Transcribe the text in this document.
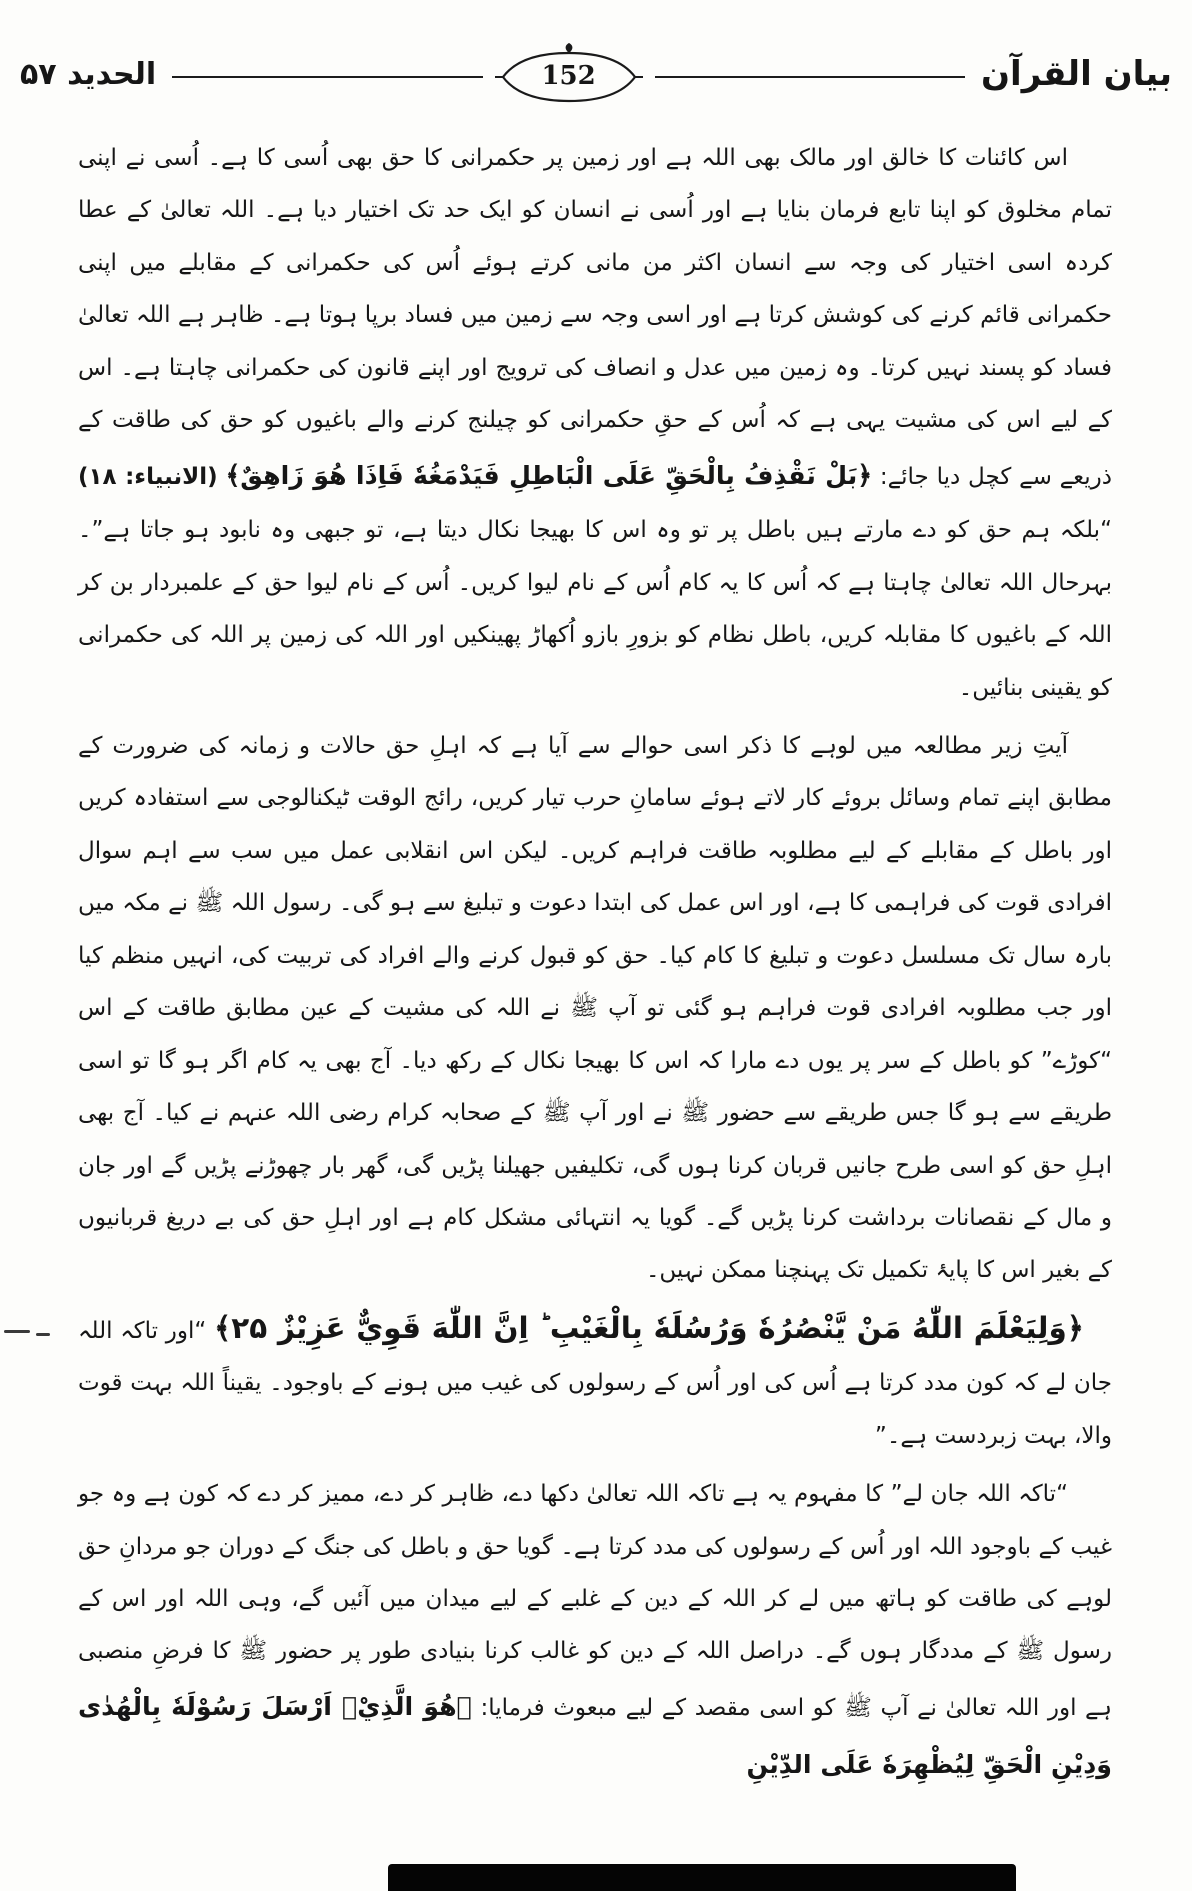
بیان القرآن
152
الحدید ۵۷

اس کائنات کا خالق اور مالک بھی اللہ ہے اور زمین پر حکمرانی کا حق بھی اُسی کا ہے۔ اُسی نے اپنی تمام مخلوق کو اپنا تابع فرمان بنایا ہے اور اُسی نے انسان کو ایک حد تک اختیار دیا ہے۔ اللہ تعالیٰ کے عطا کردہ اسی اختیار کی وجہ سے انسان اکثر من مانی کرتے ہوئے اُس کی حکمرانی کے مقابلے میں اپنی حکمرانی قائم کرنے کی کوشش کرتا ہے اور اسی وجہ سے زمین میں فساد برپا ہوتا ہے۔ ظاہر ہے اللہ تعالیٰ فساد کو پسند نہیں کرتا۔ وہ زمین میں عدل و انصاف کی ترویج اور اپنے قانون کی حکمرانی چاہتا ہے۔ اس کے لیے اس کی مشیت یہی ہے کہ اُس کے حقِ حکمرانی کو چیلنج کرنے والے باغیوں کو حق کی طاقت کے ذریعے سے کچل دیا جائے: ﴿بَلْ نَقْذِفُ بِالْحَقِّ عَلَى الْبَاطِلِ فَيَدْمَغُهٗ فَاِذَا هُوَ زَاهِقٌ﴾ (الانبیاء: ۱۸) “بلکہ ہم حق کو دے مارتے ہیں باطل پر تو وہ اس کا بھیجا نکال دیتا ہے، تو جبھی وہ نابود ہو جاتا ہے”۔ بہرحال اللہ تعالیٰ چاہتا ہے کہ اُس کا یہ کام اُس کے نام لیوا کریں۔ اُس کے نام لیوا حق کے علمبردار بن کر اللہ کے باغیوں کا مقابلہ کریں، باطل نظام کو بزورِ بازو اُکھاڑ پھینکیں اور اللہ کی زمین پر اللہ کی حکمرانی کو یقینی بنائیں۔

آیتِ زیر مطالعہ میں لوہے کا ذکر اسی حوالے سے آیا ہے کہ اہلِ حق حالات و زمانہ کی ضرورت کے مطابق اپنے تمام وسائل بروئے کار لاتے ہوئے سامانِ حرب تیار کریں، رائج الوقت ٹیکنالوجی سے استفادہ کریں اور باطل کے مقابلے کے لیے مطلوبہ طاقت فراہم کریں۔ لیکن اس انقلابی عمل میں سب سے اہم سوال افرادی قوت کی فراہمی کا ہے، اور اس عمل کی ابتدا دعوت و تبلیغ سے ہو گی۔ رسول اللہ ﷺ نے مکہ میں بارہ سال تک مسلسل دعوت و تبلیغ کا کام کیا۔ حق کو قبول کرنے والے افراد کی تربیت کی، انہیں منظم کیا اور جب مطلوبہ افرادی قوت فراہم ہو گئی تو آپ ﷺ نے اللہ کی مشیت کے عین مطابق طاقت کے اس “کوڑے” کو باطل کے سر پر یوں دے مارا کہ اس کا بھیجا نکال کے رکھ دیا۔ آج بھی یہ کام اگر ہو گا تو اسی طریقے سے ہو گا جس طریقے سے حضور ﷺ نے اور آپ ﷺ کے صحابہ کرام رضی اللہ عنہم نے کیا۔ آج بھی اہلِ حق کو اسی طرح جانیں قربان کرنا ہوں گی، تکلیفیں جھیلنا پڑیں گی، گھر بار چھوڑنے پڑیں گے اور جان و مال کے نقصانات برداشت کرنا پڑیں گے۔ گویا یہ انتہائی مشکل کام ہے اور اہلِ حق کی بے دریغ قربانیوں کے بغیر اس کا پایۂ تکمیل تک پہنچنا ممکن نہیں۔

﴿وَلِيَعْلَمَ اللّٰهُ مَنْ يَّنْصُرُهٗ وَرُسُلَهٗ بِالْغَيْبِ ؕ اِنَّ اللّٰهَ قَوِيٌّ عَزِيْزٌ ۲۵﴾ “اور تاکہ اللہ جان لے کہ کون مدد کرتا ہے اُس کی اور اُس کے رسولوں کی غیب میں ہونے کے باوجود۔ یقیناً اللہ بہت قوت والا، بہت زبردست ہے۔”

“تاکہ اللہ جان لے” کا مفہوم یہ ہے تاکہ اللہ تعالیٰ دکھا دے، ظاہر کر دے، ممیز کر دے کہ کون ہے وہ جو غیب کے باوجود اللہ اور اُس کے رسولوں کی مدد کرتا ہے۔ گویا حق و باطل کی جنگ کے دوران جو مردانِ حق لوہے کی طاقت کو ہاتھ میں لے کر اللہ کے دین کے غلبے کے لیے میدان میں آئیں گے، وہی اللہ اور اس کے رسول ﷺ کے مددگار ہوں گے۔ دراصل اللہ کے دین کو غالب کرنا بنیادی طور پر حضور ﷺ کا فرضِ منصبی ہے اور اللہ تعالیٰ نے آپ ﷺ کو اسی مقصد کے لیے مبعوث فرمایا: ﴿هُوَ الَّذِيْۤ اَرْسَلَ رَسُوْلَهٗ بِالْهُدٰى وَدِيْنِ الْحَقِّ لِيُظْهِرَهٗ عَلَى الدِّيْنِ
